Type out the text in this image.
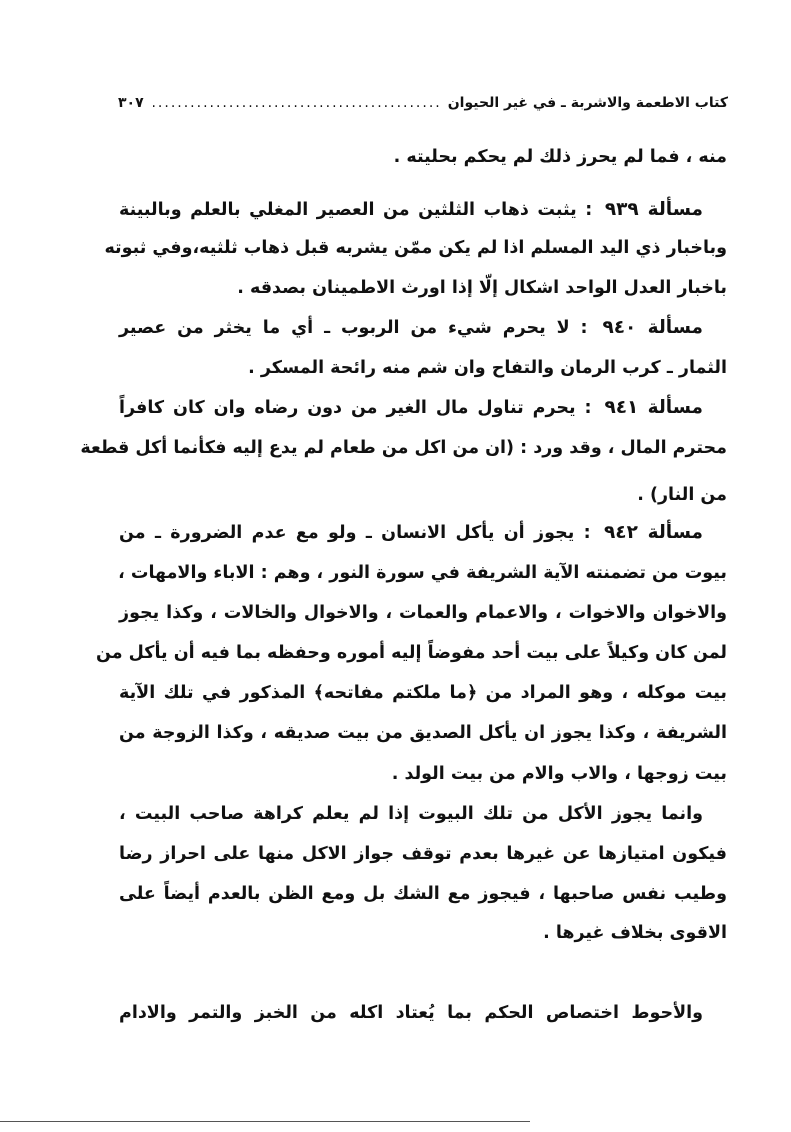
كتاب الاطعمة والاشربة ـ في غير الحيوان
.....
٣٠٧
منه ، فما لم يحرز ذلك لم يحكم بحليته .
مسألة ٩٣٩ : يثبت ذهاب الثلثين من العصير المغلي بالعلم وبالبينة
وباخبار ذي اليد المسلم اذا لم يكن ممّن يشربه قبل ذهاب ثلثيه،وفي ثبوته
باخبار العدل الواحد اشكال إلّا إذا اورث الاطمينان بصدقه .
مسألة ٩٤٠ : لا يحرم شيء من الربوب ـ أي ما يخثر من عصير
الثمار ـ كرب الرمان والتفاح وان شم منه رائحة المسكر .
مسألة ٩٤١ : يحرم تناول مال الغير من دون رضاه وان كان كافراً
محترم المال ، وقد ورد : (ان من اكل من طعام لم يدع إليه فكأنما أكل قطعة
من النار) .
مسألة ٩٤٢ : يجوز أن يأكل الانسان ـ ولو مع عدم الضرورة ـ من
بيوت من تضمنته الآية الشريفة في سورة النور ، وهم : الاباء والامهات ،
والاخوان والاخوات ، والاعمام والعمات ، والاخوال والخالات ، وكذا يجوز
لمن كان وكيلاً على بيت أحد مفوضاً إليه أموره وحفظه بما فيه أن يأكل من
بيت موكله ، وهو المراد من ﴿ما ملكتم مفاتحه﴾ المذكور في تلك الآية
الشريفة ، وكذا يجوز ان يأكل الصديق من بيت صديقه ، وكذا الزوجة من
بيت زوجها ، والاب والام من بيت الولد .
وانما يجوز الأكل من تلك البيوت إذا لم يعلم كراهة صاحب البيت ،
فيكون امتيازها عن غيرها بعدم توقف جواز الاكل منها على احراز رضا
وطيب نفس صاحبها ، فيجوز مع الشك بل ومع الظن بالعدم أيضاً على
الاقوى بخلاف غيرها .
والأحوط اختصاص الحكم بما يُعتاد اكله من الخبز والتمر والادام
